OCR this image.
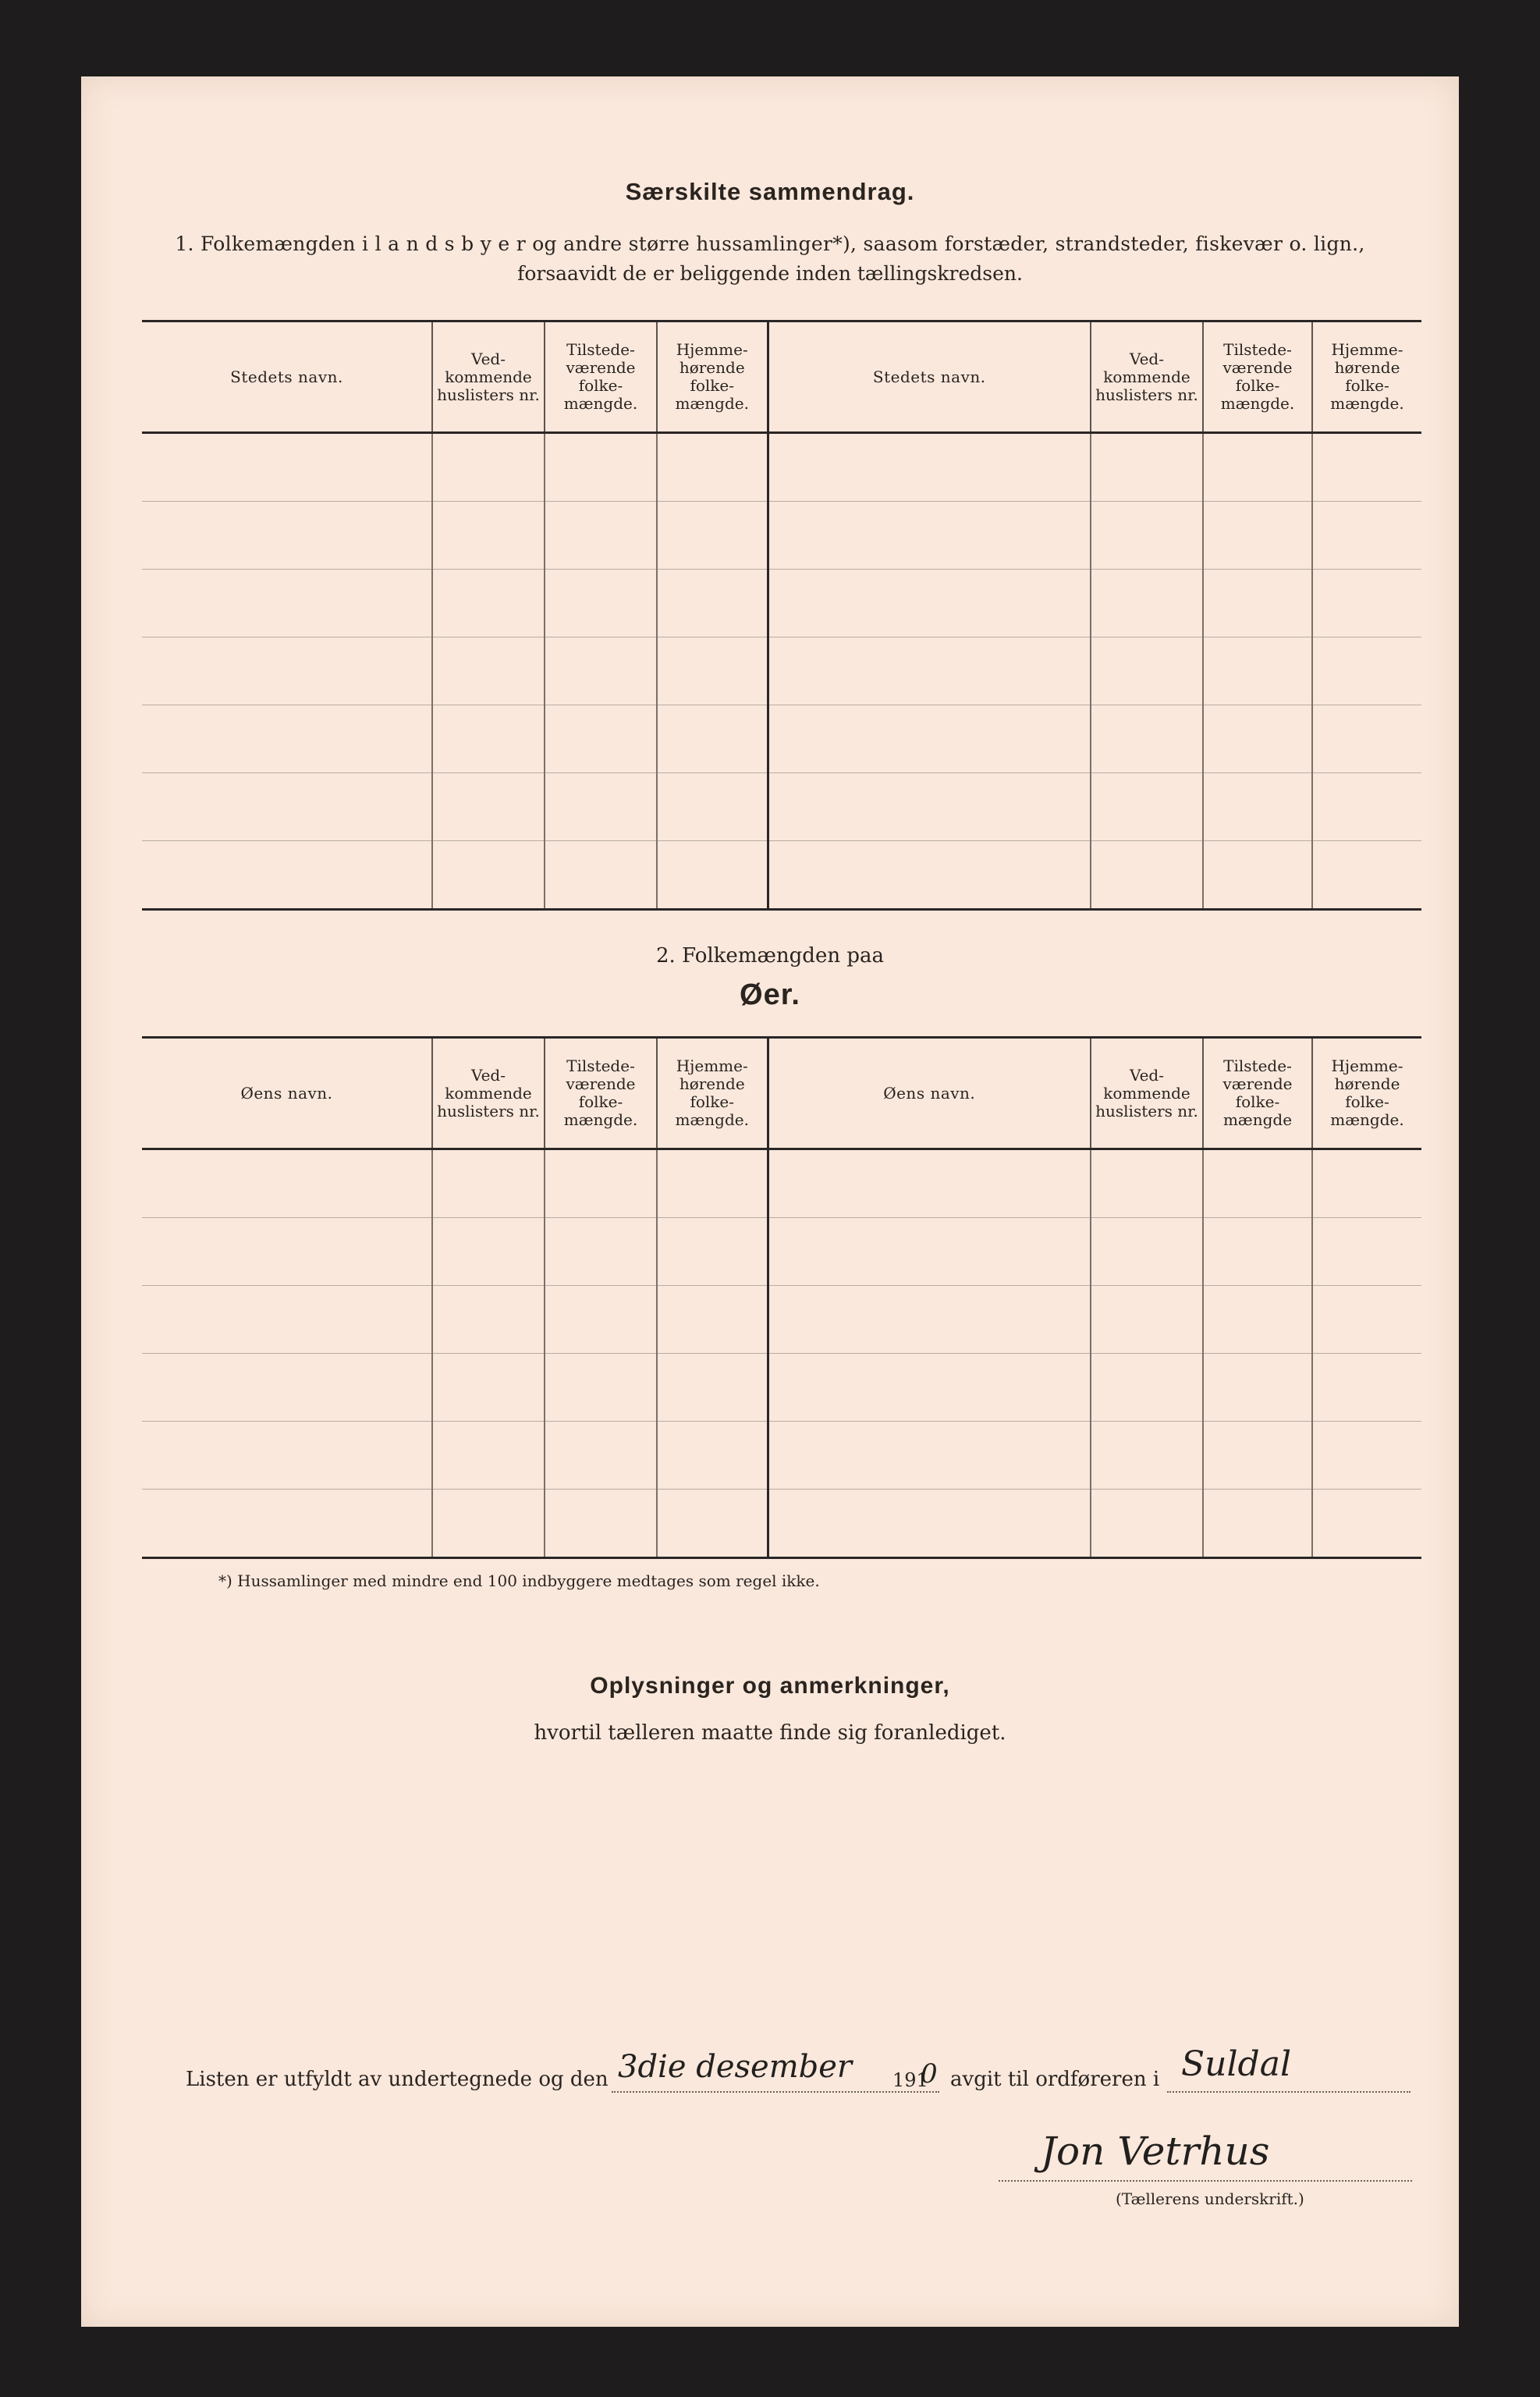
Særskilte sammendrag.
1. Folkemængden i l a n d s b y e r og andre større hussamlinger*), saasom forstæder, strandsteder, fiskevær o. lign.,
forsaavidt de er beliggende inden tællingskredsen.
Stedets navn.	Ved-kommende huslisters nr.	Tilstede-værende folke-mængde.	Hjemme-hørende folke-mængde.	Stedets navn.	Ved-kommende huslisters nr.	Tilstede-værende folke-mængde.	Hjemme-hørende folke-mængde.

2. Folkemængden paa
Øer.
Øens navn.	Ved-kommende huslisters nr.	Tilstede-værende folke-mængde.	Hjemme-hørende folke-mængde.	Øens navn.	Ved-kommende huslisters nr.	Tilstede-værende folke-mængde	Hjemme-hørende folke-mængde.

*) Hussamlinger med mindre end 100 indbyggere medtages som regel ikke.
Oplysninger og anmerkninger,
hvortil tælleren maatte finde sig foranlediget.
Listen er utfyldt av undertegnede og den 3die desember 191
0 avgit til ordføreren i Suldal
Jon Vetrhus
(Tællerens underskrift.)
